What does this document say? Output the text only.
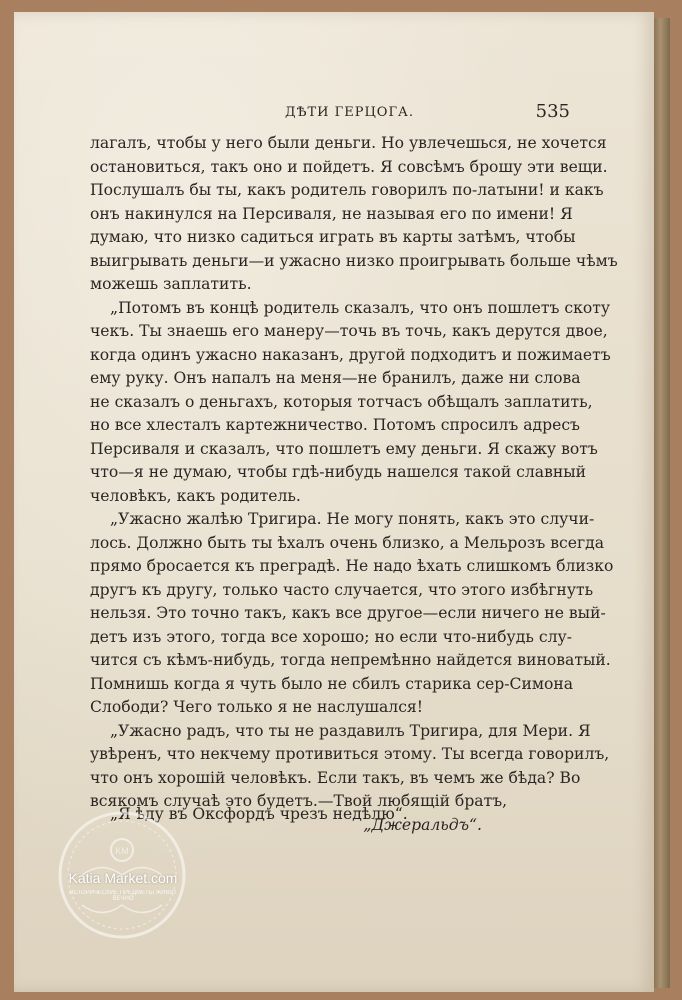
ДѢТИ ГЕРЦОГА.	535
лагалъ, чтобы у него были деньги. Но увлечешься, не хочется
остановиться, такъ оно и пойдетъ. Я совсѣмъ брошу эти вещи.
Послушалъ бы ты, какъ родитель говорилъ по-латыни! и какъ
онъ накинулся на Персиваля, не называя его по имени! Я
думаю, что низко садиться играть въ карты затѣмъ, чтобы
выигрывать деньги—и ужасно низко проигрывать больше чѣмъ
можешь заплатить.
„Потомъ въ концѣ родитель сказалъ, что онъ пошлетъ скоту
чекъ. Ты знаешь его манеру—точь въ точь, какъ дерутся двое,
когда одинъ ужасно наказанъ, другой подходитъ и пожимаетъ
ему руку. Онъ напалъ на меня—не бранилъ, даже ни слова
не сказалъ о деньгахъ, которыя тотчасъ обѣщалъ заплатить,
но все хлесталъ картежничество. Потомъ спросилъ адресъ
Персиваля и сказалъ, что пошлетъ ему деньги. Я скажу вотъ
что—я не думаю, чтобы гдѣ-нибудь нашелся такой славный
человѣкъ, какъ родитель.
„Ужасно жалѣю Тригира. Не могу понять, какъ это случи-
лось. Должно быть ты ѣхалъ очень близко, а Мельрозъ всегда
прямо бросается къ преградѣ. Не надо ѣхать слишкомъ близко
другъ къ другу, только часто случается, что этого избѣгнуть
нельзя. Это точно такъ, какъ все другое—если ничего не вый-
детъ изъ этого, тогда все хорошо; но если что-нибудь слу-
чится съ кѣмъ-нибудь, тогда непремѣнно найдется виноватый.
Помнишь когда я чуть было не сбилъ старика сер-Симона
Слободи? Чего только я не наслушался!
„Ужасно радъ, что ты не раздавилъ Тригира, для Мери. Я
увѣренъ, что некчему противиться этому. Ты всегда говорилъ,
что онъ хорошій человѣкъ. Если такъ, въ чемъ же бѣда? Во
всякомъ случаѣ это будетъ.—Твой любящій братъ,
„Джеральдъ“.
„Я ѣду въ Оксфордъ чрезъ недѣлю“.
KM
Katia Market.com
ИСТОРИЧЕСКИЕ ПРЕДМЕТЫ ЖИВУТ ВЕЧНО
